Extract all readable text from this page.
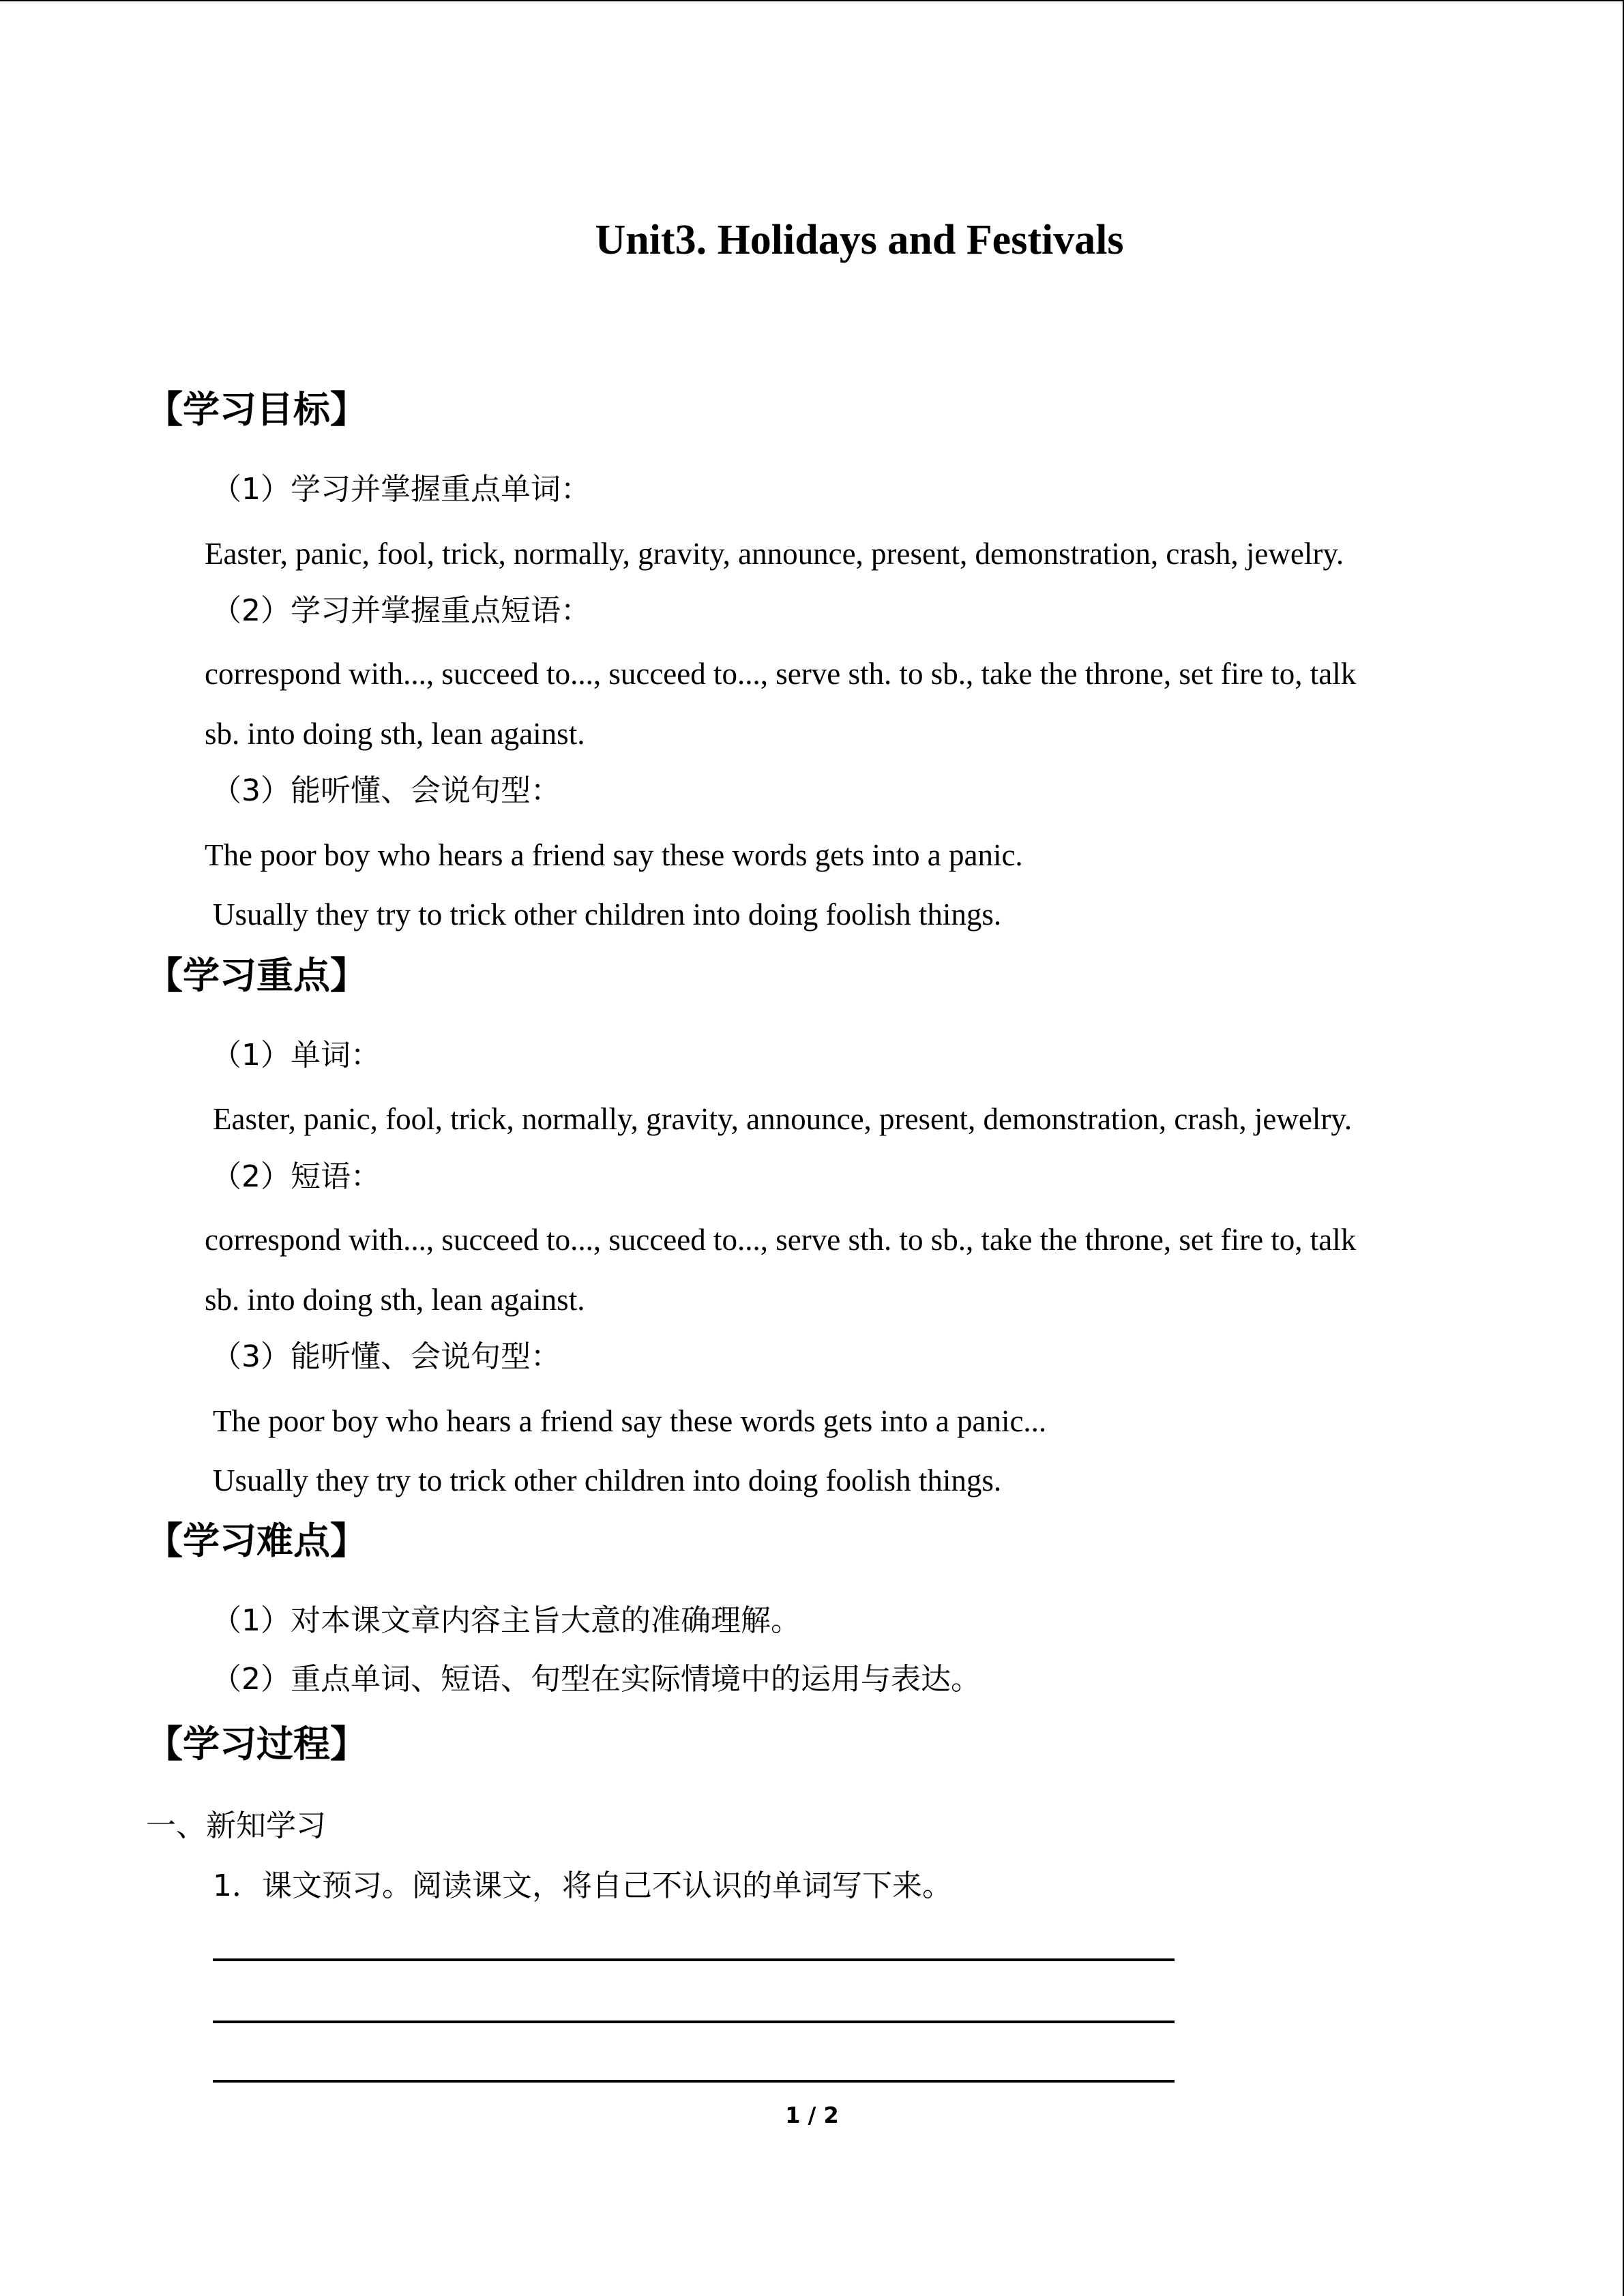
Unit3. Holidays and Festivals
【学习目标】
（1）学习并掌握重点单词：
Easter, panic, fool, trick, normally, gravity, announce, present, demonstration, crash, jewelry.
（2）学习并掌握重点短语：
correspond with..., succeed to..., succeed to..., serve sth. to sb., take the throne, set fire to, talk
sb. into doing sth, lean against.
（3）能听懂、会说句型：
The poor boy who hears a friend say these words gets into a panic.
Usually they try to trick other children into doing foolish things.
【学习重点】
（1）单词：
Easter, panic, fool, trick, normally, gravity, announce, present, demonstration, crash, jewelry.
（2）短语：
correspond with..., succeed to..., succeed to..., serve sth. to sb., take the throne, set fire to, talk
sb. into doing sth, lean against.
（3）能听懂、会说句型：
The poor boy who hears a friend say these words gets into a panic...
Usually they try to trick other children into doing foolish things.
【学习难点】
（1）对本课文章内容主旨大意的准确理解。
（2）重点单词、短语、句型在实际情境中的运用与表达。
【学习过程】
一、新知学习
1．课文预习。阅读课文，将自己不认识的单词写下来。
1 / 2
